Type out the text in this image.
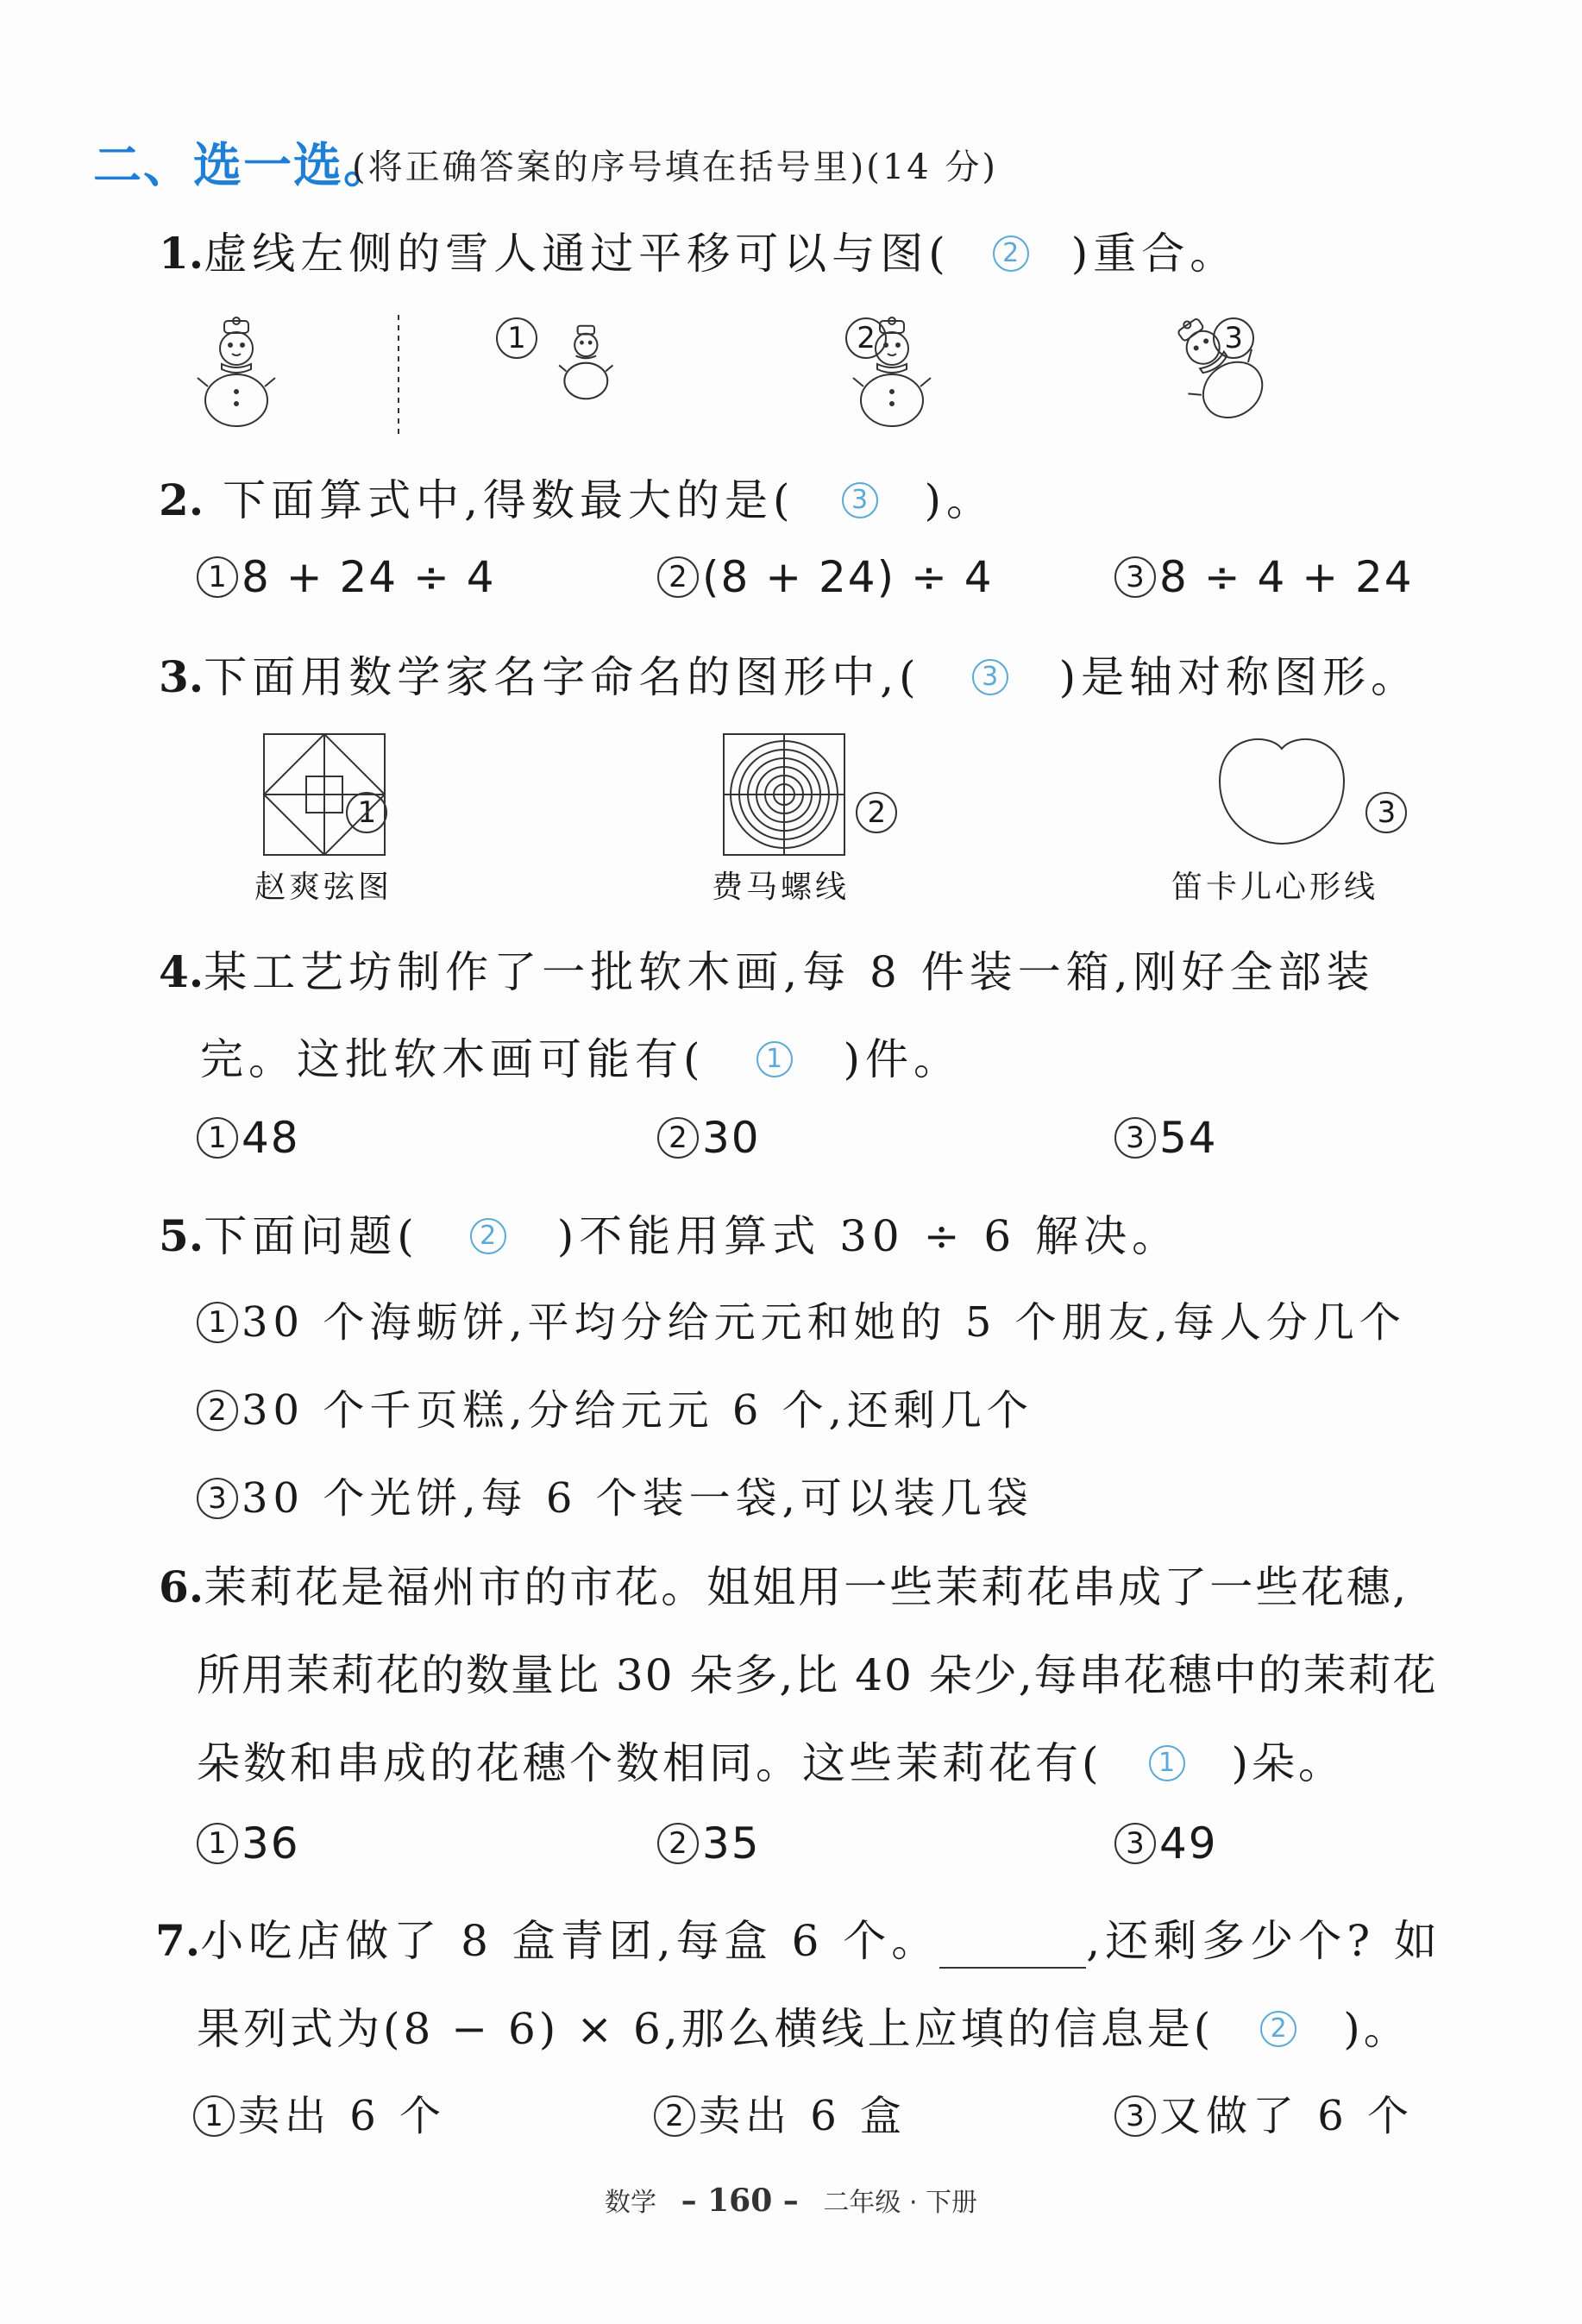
二、选一选。
(将正确答案的序号填在括号里)(14 分)
1.虚线左侧的雪人通过平移可以与图( 2 )重合。
1	2	3
2. 下面算式中,得数最大的是( 3 )。
1 8 + 24 ÷ 4	2 (8 + 24) ÷ 4	3 8 ÷ 4 + 24
3.下面用数学家名字命名的图形中,( 3 )是轴对称图形。
1
赵爽弦图
2
费马螺线
3
笛卡儿心形线
4.某工艺坊制作了一批软木画,每 8 件装一箱,刚好全部装
完。这批软木画可能有( 1 )件。
1 48	2 30	3 54
5.下面问题( 2 )不能用算式 30 ÷ 6 解决。
1 30 个海蛎饼,平均分给元元和她的 5 个朋友,每人分几个
2 30 个千页糕,分给元元 6 个,还剩几个
3 30 个光饼,每 6 个装一袋,可以装几袋
6.茉莉花是福州市的市花。姐姐用一些茉莉花串成了一些花穗,
所用茉莉花的数量比 30 朵多,比 40 朵少,每串花穗中的茉莉花
朵数和串成的花穗个数相同。这些茉莉花有( 1 )朵。
1 36	2 35	3 49
7.小吃店做了 8 盒青团,每盒 6 个。	,还剩多少个? 如
果列式为(8 − 6) × 6,那么横线上应填的信息是( 2 )。
1 卖出 6 个	2 卖出 6 盒	3 又做了 6 个
数学 – 160 – 二年级 · 下册
